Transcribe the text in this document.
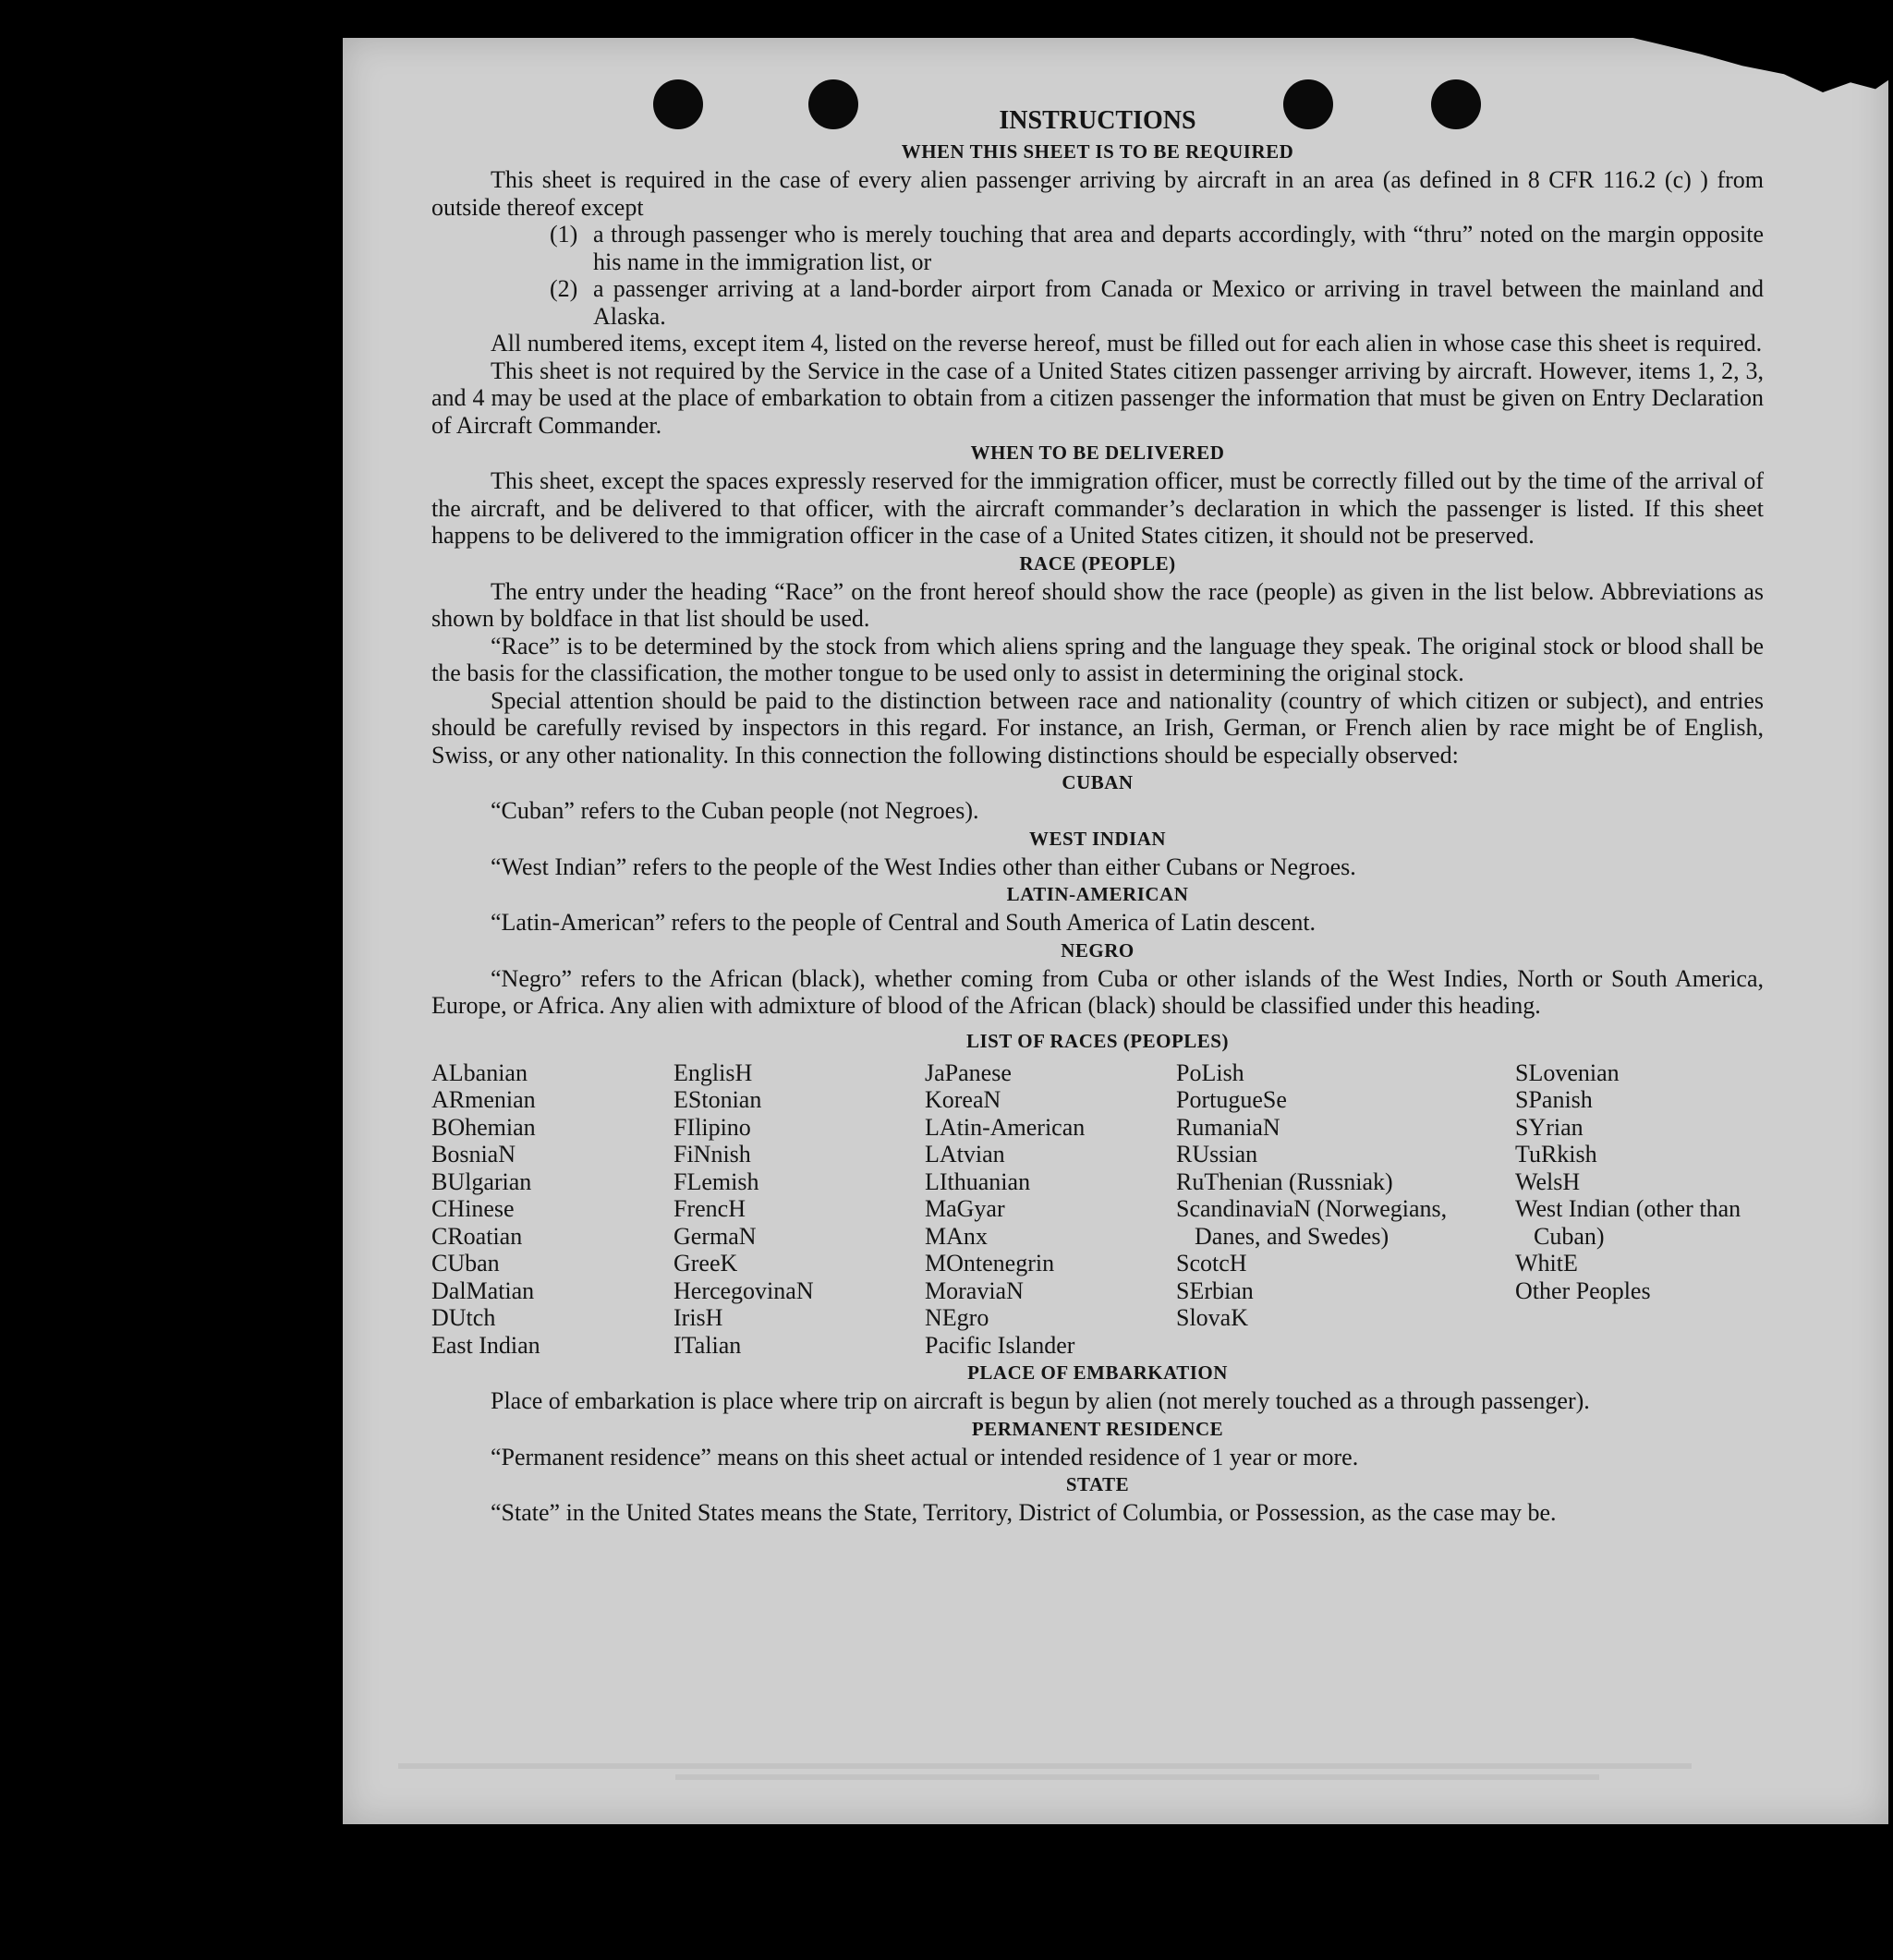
INSTRUCTIONS
WHEN THIS SHEET IS TO BE REQUIRED

This sheet is required in the case of every alien passenger arriving by aircraft in an area (as defined in 8 CFR 116.2 (c) ) from outside thereof except

(1) a through passenger who is merely touching that area and departs accordingly, with “thru” noted on the margin opposite his name in the immigration list, or

(2) a passenger arriving at a land-border airport from Canada or Mexico or arriving in travel between the mainland and Alaska.

All numbered items, except item 4, listed on the reverse hereof, must be filled out for each alien in whose case this sheet is required.

This sheet is not required by the Service in the case of a United States citizen passenger arriving by aircraft. However, items 1, 2, 3, and 4 may be used at the place of embarkation to obtain from a citizen passenger the information that must be given on Entry Declaration of Aircraft Commander.

WHEN TO BE DELIVERED

This sheet, except the spaces expressly reserved for the immigration officer, must be correctly filled out by the time of the arrival of the aircraft, and be delivered to that officer, with the aircraft commander’s declaration in which the passenger is listed. If this sheet happens to be delivered to the immigration officer in the case of a United States citizen, it should not be preserved.

RACE (PEOPLE)

The entry under the heading “Race” on the front hereof should show the race (people) as given in the list below. Abbreviations as shown by boldface in that list should be used.

“Race” is to be determined by the stock from which aliens spring and the language they speak. The original stock or blood shall be the basis for the classification, the mother tongue to be used only to assist in determining the original stock.

Special attention should be paid to the distinction between race and nationality (country of which citizen or subject), and entries should be carefully revised by inspectors in this regard. For instance, an Irish, German, or French alien by race might be of English, Swiss, or any other nationality. In this connection the following distinctions should be especially observed:

CUBAN

“Cuban” refers to the Cuban people (not Negroes).

WEST INDIAN

“West Indian” refers to the people of the West Indies other than either Cubans or Negroes.

LATIN-AMERICAN

“Latin-American” refers to the people of Central and South America of Latin descent.

NEGRO

“Negro” refers to the African (black), whether coming from Cuba or other islands of the West Indies, North or South America, Europe, or Africa. Any alien with admixture of blood of the African (black) should be classified under this heading.

LIST OF RACES (PEOPLES)
ALbanian
ARmenian
BOhemian
BosniaN
BUlgarian
CHinese
CRoatian
CUban
DalMatian
DUtch
East Indian
EnglisH
EStonian
FIlipino
FiNnish
FLemish
FrencH
GermaN
GreeK
HercegovinaN
IrisH
ITalian
JaPanese
KoreaN
LAtin-American
LAtvian
LIthuanian
MaGyar
MAnx
MOntenegrin
MoraviaN
NEgro
Pacific Islander
PoLish
PortugueSe
RumaniaN
RUssian
RuThenian (Russniak)
ScandinaviaN (Norwegians, Danes, and Swedes)
ScotcH
SErbian
SlovaK
SLovenian
SPanish
SYrian
TuRkish
WelsH
West Indian (other than Cuban)
WhitE
Other Peoples
PLACE OF EMBARKATION

Place of embarkation is place where trip on aircraft is begun by alien (not merely touched as a through passenger).

PERMANENT RESIDENCE

“Permanent residence” means on this sheet actual or intended residence of 1 year or more.

STATE

“State” in the United States means the State, Territory, District of Columbia, or Possession, as the case may be.
